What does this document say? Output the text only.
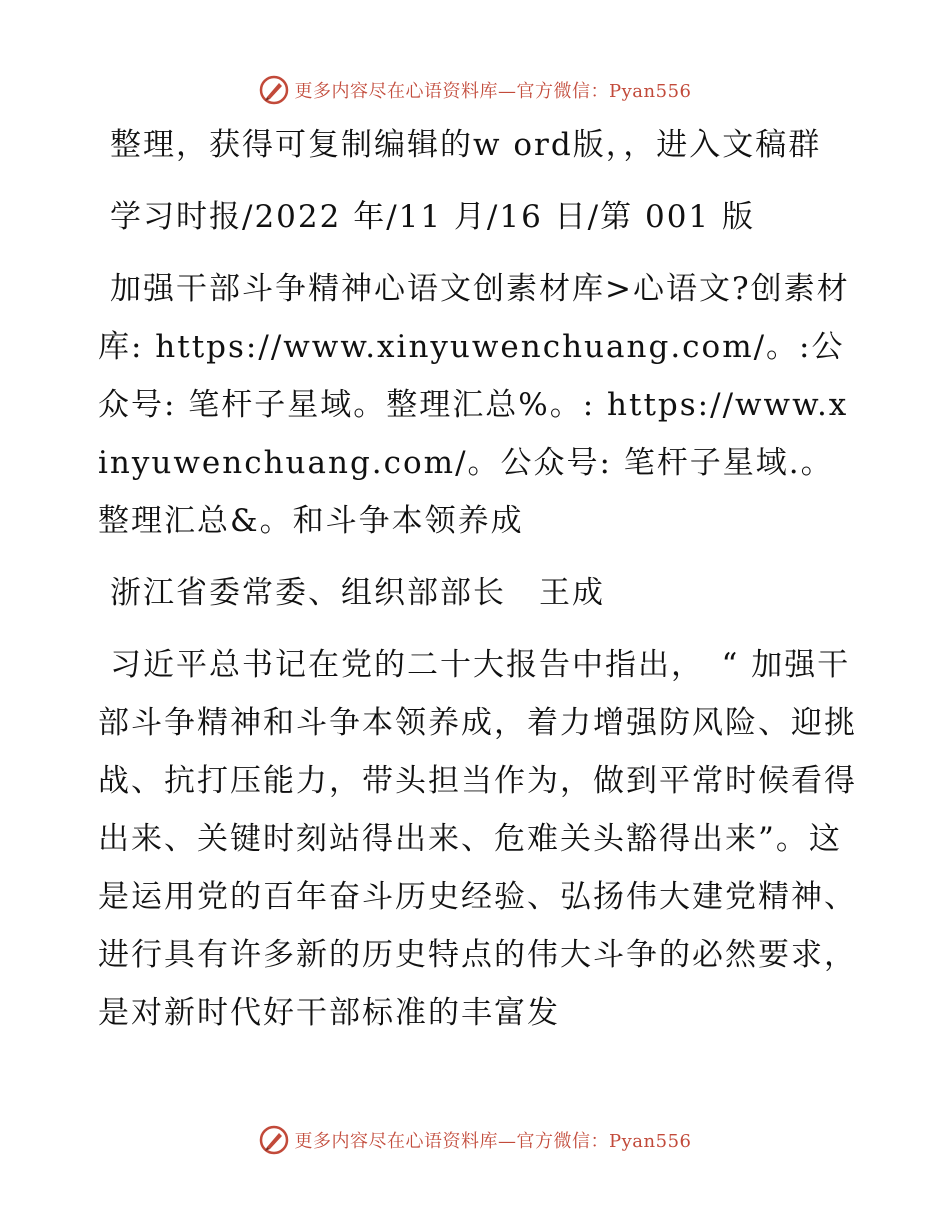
更多内容尽在心语资料库—官方微信：Pyan556

整理，获得可复制编辑的w ord版，，进入文稿群

学习时报/2022 年/11 月/16 日/第 001 版

加强干部斗争精神心语文创素材库>心语文?创素材库: https://www.xinyuwenchuang.com/。:公众号: 笔杆子星域。整理汇总%。: https://www.xinyuwenchuang.com/。公众号: 笔杆子星域.。整理汇总&。和斗争本领养成

浙江省委常委、组织部部长　王成

习近平总书记在党的二十大报告中指出，　“ 加强干部斗争精神和斗争本领养成，着力增强防风险、迎挑战、抗打压能力，带头担当作为，做到平常时候看得出来、关键时刻站得出来、危难关头豁得出来”。这是运用党的百年奋斗历史经验、弘扬伟大建党精神、进行具有许多新的历史特点的伟大斗争的必然要求，是对新时代好干部标准的丰富发

更多内容尽在心语资料库—官方微信：Pyan556
